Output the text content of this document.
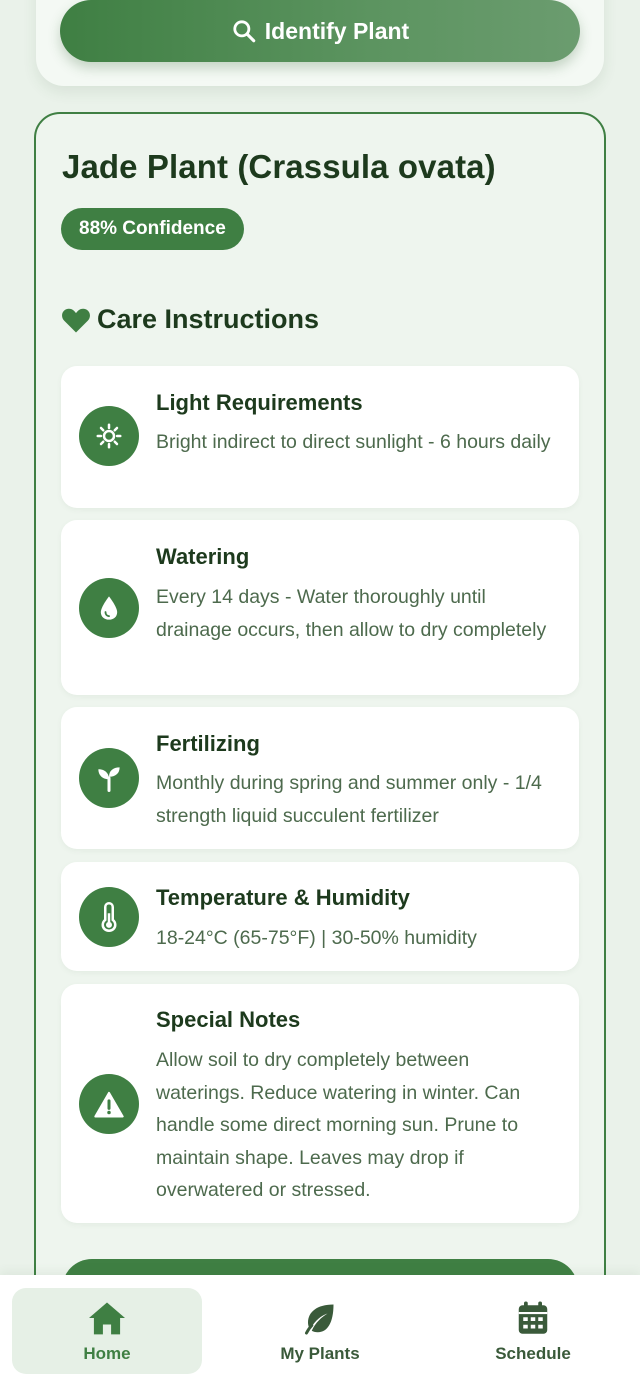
Identify Plant
Jade Plant (Crassula ovata)
88% Confidence
Care Instructions
Light Requirements
Bright indirect to direct sunlight - 6 hours daily
Watering
Every 14 days - Water thoroughly until drainage occurs, then allow to dry completely
Fertilizing
Monthly during spring and summer only - 1/4 strength liquid succulent fertilizer
Temperature & Humidity
18-24°C (65-75°F) | 30-50% humidity
Special Notes
Allow soil to dry completely between waterings. Reduce watering in winter. Can handle some direct morning sun. Prune to maintain shape. Leaves may drop if overwatered or stressed.
Home	My Plants	Schedule
